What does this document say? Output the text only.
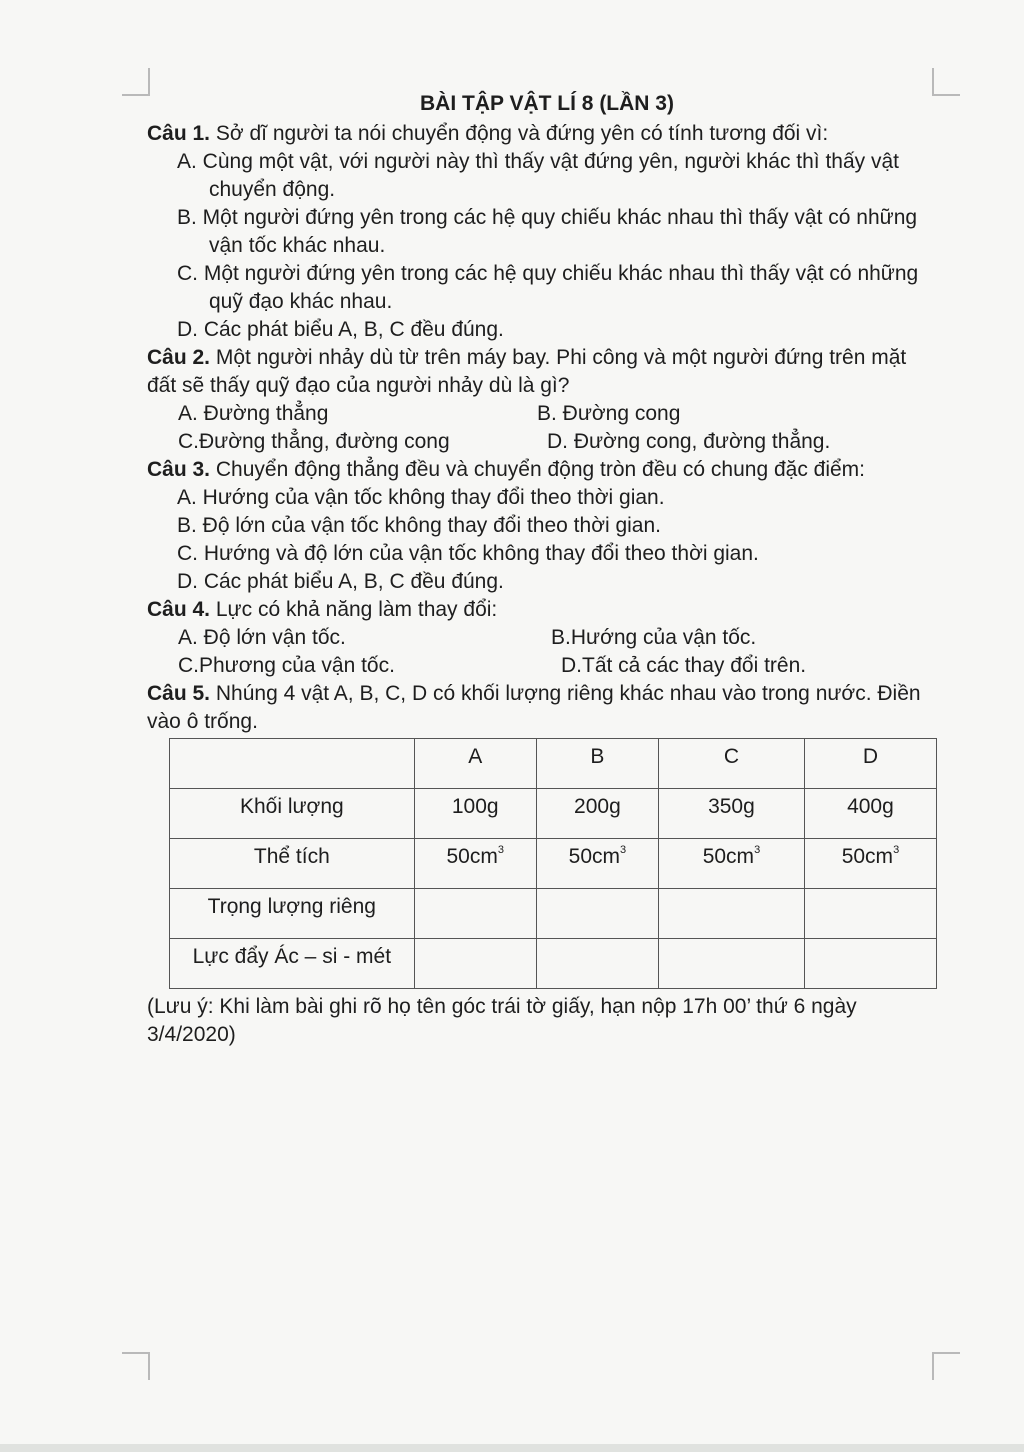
BÀI TẬP VẬT LÍ 8 (LẦN 3)
Câu 1. Sở dĩ người ta nói chuyển động và đứng yên có tính tương đối vì:
A. Cùng một vật, với người này thì thấy vật đứng yên, người khác thì thấy vật chuyển động.
B. Một người đứng yên trong các hệ quy chiếu khác nhau thì thấy vật có những vận tốc khác nhau.
C. Một người đứng yên trong các hệ quy chiếu khác nhau thì thấy vật có những quỹ đạo khác nhau.
D. Các phát biểu A, B, C đều đúng.
Câu 2. Một người nhảy dù từ trên máy bay. Phi công và một người đứng trên mặt đất sẽ thấy quỹ đạo của người nhảy dù là gì?
A. Đường thẳng	B. Đường cong
C.Đường thẳng, đường cong	D. Đường cong, đường thẳng.
Câu 3. Chuyển động thẳng đều và chuyển động tròn đều có chung đặc điểm:
A. Hướng của vận tốc không thay đổi theo thời gian.
B. Độ lớn của vận tốc không thay đổi theo thời gian.
C. Hướng và độ lớn của vận tốc không thay đổi theo thời gian.
D. Các phát biểu A, B, C đều đúng.
Câu 4. Lực có khả năng làm thay đổi:
A. Độ lớn vận tốc.	B.Hướng của vận tốc.
C.Phương của vận tốc.	D.Tất cả các thay đổi trên.
Câu 5. Nhúng 4 vật A, B, C, D có khối lượng riêng khác nhau vào trong nước. Điền vào ô trống.

	A	B	C	D

Khối lượng	100g	200g	350g	400g

Thể tích	$50cm^3$	$50cm^3$	$50cm^3$	$50cm^3$

Trọng lượng riêng				

Lực đẩy Ác – si - mét				

(Lưu ý: Khi làm bài ghi rõ họ tên góc trái tờ giấy, hạn nộp 17h 00’ thứ 6 ngày 3/4/2020)
